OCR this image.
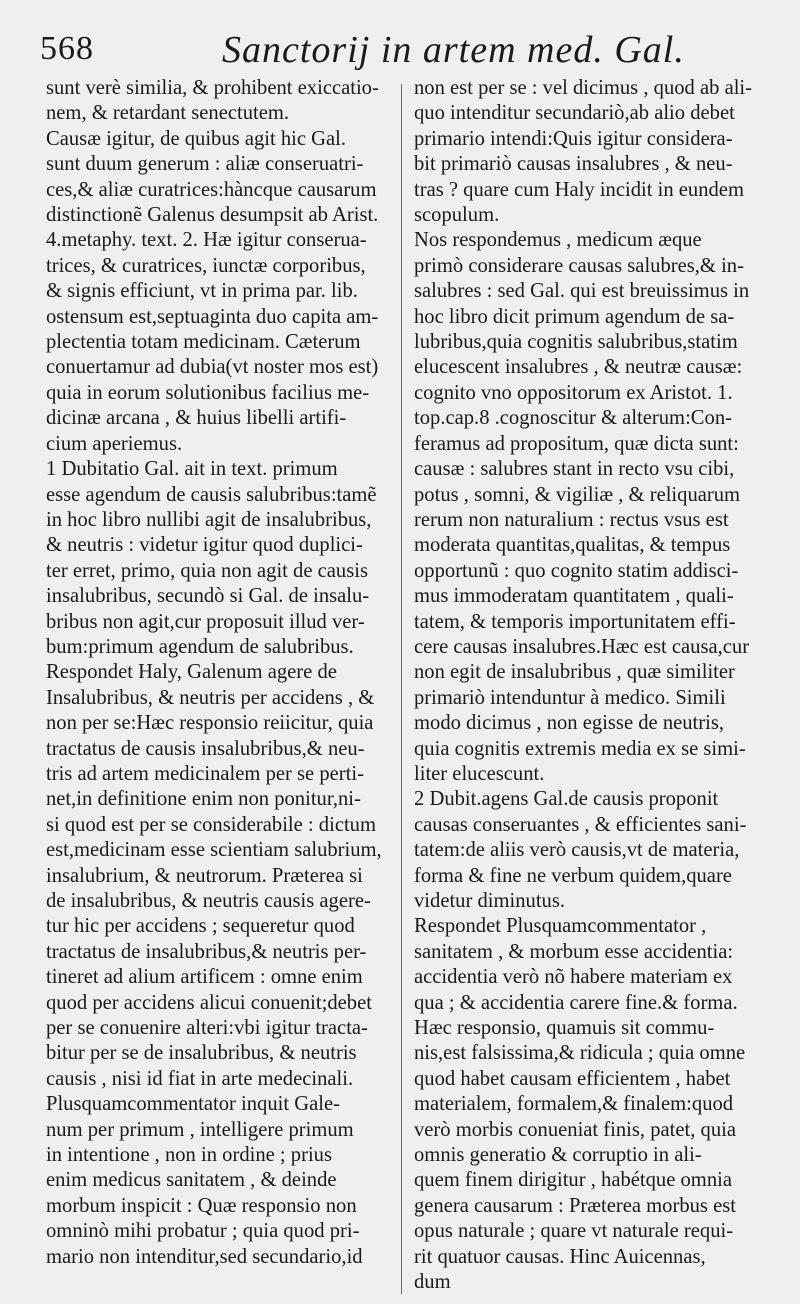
568	Sanctorij in artem med. Gal.
sunt verè similia, & prohibent exiccatio-
nem, & retardant senectutem.
Causæ igitur, de quibus agit hic Gal.
sunt duum generum : aliæ conseruatri-
ces,& aliæ curatrices:hàncque causarum
distinctionẽ Galenus desumpsit ab Arist.
4.metaphy. text. 2. Hæ igitur conserua-
trices, & curatrices, iunctæ corporibus,
& signis efficiunt, vt in prima par. lib.
ostensum est,septuaginta duo capita am-
plectentia totam medicinam. Cæterum
conuertamur ad dubia(vt noster mos est)
quia in eorum solutionibus facilius me-
dicinæ arcana , & huius libelli artifi-
cium aperiemus.
1 Dubitatio Gal. ait in text. primum
esse agendum de causis salubribus:tamẽ
in hoc libro nullibi agit de insalubribus,
& neutris : videtur igitur quod duplici-
ter erret, primo, quia non agit de causis
insalubribus, secundò si Gal. de insalu-
bribus non agit,cur proposuit illud ver-
bum:primum agendum de salubribus.
Respondet Haly, Galenum agere de
Insalubribus, & neutris per accidens , &
non per se:Hæc responsio reiicitur, quia
tractatus de causis insalubribus,& neu-
tris ad artem medicinalem per se perti-
net,in definitione enim non ponitur,ni-
si quod est per se considerabile : dictum
est,medicinam esse scientiam salubrium,
insalubrium, & neutrorum. Præterea si
de insalubribus, & neutris causis agere-
tur hic per accidens ; sequeretur quod
tractatus de insalubribus,& neutris per-
tineret ad alium artificem : omne enim
quod per accidens alicui conuenit;debet
per se conuenire alteri:vbi igitur tracta-
bitur per se de insalubribus, & neutris
causis , nisi id fiat in arte medecinali.
Plusquamcommentator inquit Gale-
num per primum , intelligere primum
in intentione , non in ordine ; prius
enim medicus sanitatem , & deinde
morbum inspicit : Quæ responsio non
omninò mihi probatur ; quia quod pri-
mario non intenditur,sed secundario,id
non est per se : vel dicimus , quod ab ali-
quo intenditur secundariò,ab alio debet
primario intendi:Quis igitur considera-
bit primariò causas insalubres , & neu-
tras ? quare cum Haly incidit in eundem
scopulum.
Nos respondemus , medicum æque
primò considerare causas salubres,& in-
salubres : sed Gal. qui est breuissimus in
hoc libro dicit primum agendum de sa-
lubribus,quia cognitis salubribus,statim
elucescent insalubres , & neutræ causæ:
cognito vno oppositorum ex Aristot. 1.
top.cap.8 .cognoscitur & alterum:Con-
feramus ad propositum, quæ dicta sunt:
causæ : salubres stant in recto vsu cibi,
potus , somni, & vigiliæ , & reliquarum
rerum non naturalium : rectus vsus est
moderata quantitas,qualitas, & tempus
opportunũ : quo cognito statim addisci-
mus immoderatam quantitatem , quali-
tatem, & temporis importunitatem effi-
cere causas insalubres.Hæc est causa,cur
non egit de insalubribus , quæ similiter
primariò intenduntur à medico. Simili
modo dicimus , non egisse de neutris,
quia cognitis extremis media ex se simi-
liter elucescunt.
2 Dubit.agens Gal.de causis proponit
causas conseruantes , & efficientes sani-
tatem:de aliis verò causis,vt de materia,
forma & fine ne verbum quidem,quare
videtur diminutus.
Respondet Plusquamcommentator ,
sanitatem , & morbum esse accidentia:
accidentia verò nõ habere materiam ex
qua ; & accidentia carere fine.& forma.
Hæc responsio, quamuis sit commu-
nis,est falsissima,& ridicula ; quia omne
quod habet causam efficientem , habet
materialem, formalem,& finalem:quod
verò morbis conueniat finis, patet, quia
omnis generatio & corruptio in ali-
quem finem dirigitur , habétque omnia
genera causarum : Præterea morbus est
opus naturale ; quare vt naturale requi-
rit quatuor causas. Hinc Auicennas,
dum
